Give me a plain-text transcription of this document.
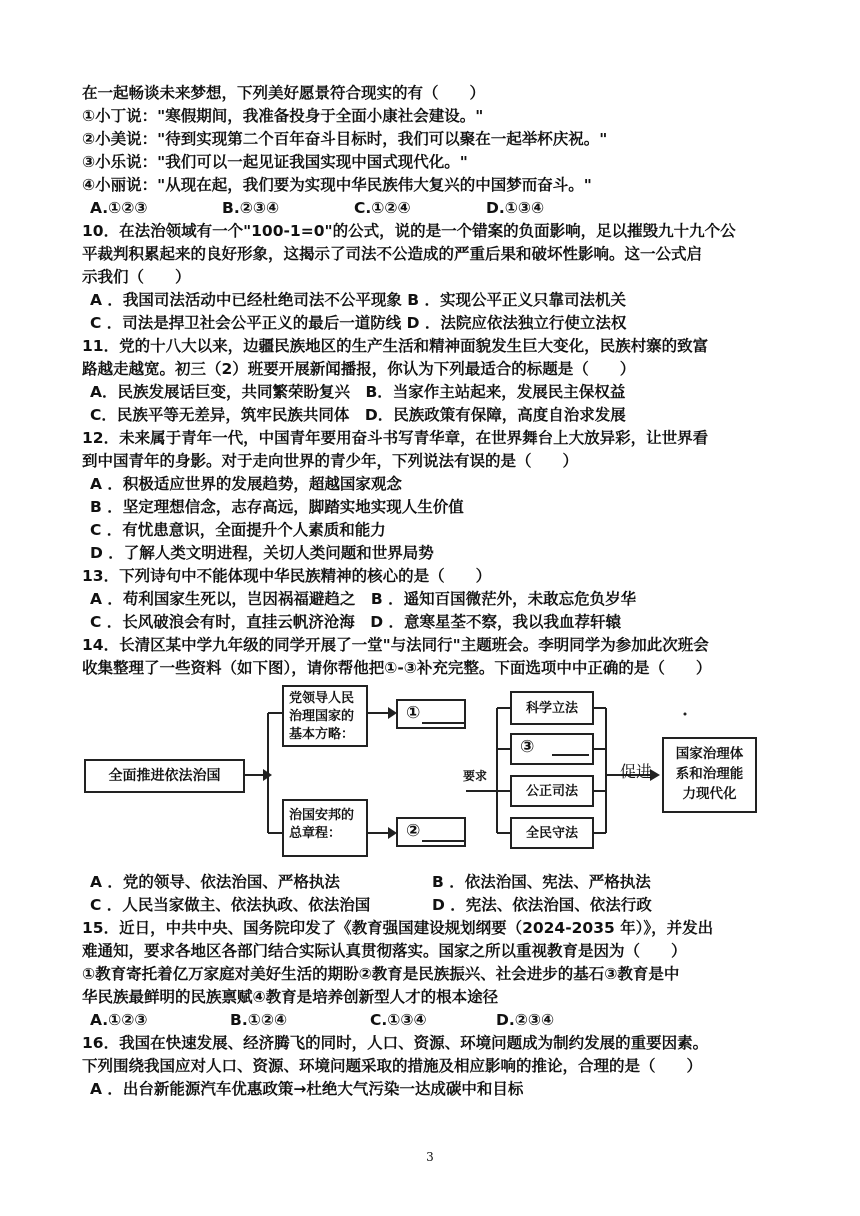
在一起畅谈未来梦想，下列美好愿景符合现实的有（　　）
①小丁说："寒假期间，我准备投身于全面小康社会建设。"
②小美说："待到实现第二个百年奋斗目标时，我们可以聚在一起举杯庆祝。"
③小乐说："我们可以一起见证我国实现中国式现代化。"
④小丽说："从现在起，我们要为实现中华民族伟大复兴的中国梦而奋斗。"
A.①②③	B.②③④	C.①②④	D.①③④
10．在法治领域有一个"100-1=0"的公式，说的是一个错案的负面影响，足以摧毁九十九个公
平裁判积累起来的良好形象，这揭示了司法不公造成的严重后果和破坏性影响。这一公式启
示我们（　　）
A ．我国司法活动中已经杜绝司法不公平现象 B ．实现公平正义只靠司法机关
C ．司法是捍卫社会公平正义的最后一道防线 D ．法院应依法独立行使立法权
11．党的十八大以来，边疆民族地区的生产生活和精神面貌发生巨大变化，民族村寨的致富
路越走越宽。初三（2）班要开展新闻播报，你认为下列最适合的标题是（　　）
A．民族发展话巨变，共同繁荣盼复兴　B．当家作主站起来，发展民主保权益
C．民族平等无差异，筑牢民族共同体　D．民族政策有保障，高度自治求发展
12．未来属于青年一代，中国青年要用奋斗书写青华章，在世界舞台上大放异彩，让世界看
到中国青年的身影。对于走向世界的青少年，下列说法有误的是（　　）
A ．积极适应世界的发展趋势，超越国家观念
B ．坚定理想信念，志存高远，脚踏实地实现人生价值
C ．有忧患意识，全面提升个人素质和能力
D ．了解人类文明进程，关切人类问题和世界局势
13．下列诗句中不能体现中华民族精神的核心的是（　　）
A ．苟利国家生死以，岂因祸福避趋之　B ．遥知百国微茫外，未敢忘危负岁华
C ．长风破浪会有时，直挂云帆济沧海　D ．意寒星荃不察，我以我血荐轩辕
14．长清区某中学九年级的同学开展了一堂"与法同行"主题班会。李明同学为参加此次班会
收集整理了一些资料（如下图），请你帮他把①-③补充完整。下面选项中中正确的是（　　）
全面推进依法治国
党领导人民治理国家的基本方略：
治国安邦的总章程：
①
②
要求
科学立法
③
公正司法
全民守法
促进
国家治理体系和治理能力现代化
A ．党的领导、依法治国、严格执法	B ．依法治国、宪法、严格执法
C ．人民当家做主、依法执政、依法治国	D ．宪法、依法治国、依法行政
15．近日，中共中央、国务院印发了《教育强国建设规划纲要（2024-2035 年）》，并发出
难通知，要求各地区各部门结合实际认真贯彻落实。国家之所以重视教育是因为（　　）
①教育寄托着亿万家庭对美好生活的期盼②教育是民族振兴、社会进步的基石③教育是中
华民族最鲜明的民族禀赋④教育是培养创新型人才的根本途径
A.①②③	B.①②④	C.①③④	D.②③④
16．我国在快速发展、经济腾飞的同时，人口、资源、环境问题成为制约发展的重要因素。
下列围绕我国应对人口、资源、环境问题采取的措施及相应影响的推论，合理的是（　　）
A ．出台新能源汽车优惠政策→杜绝大气污染一达成碳中和目标
3
